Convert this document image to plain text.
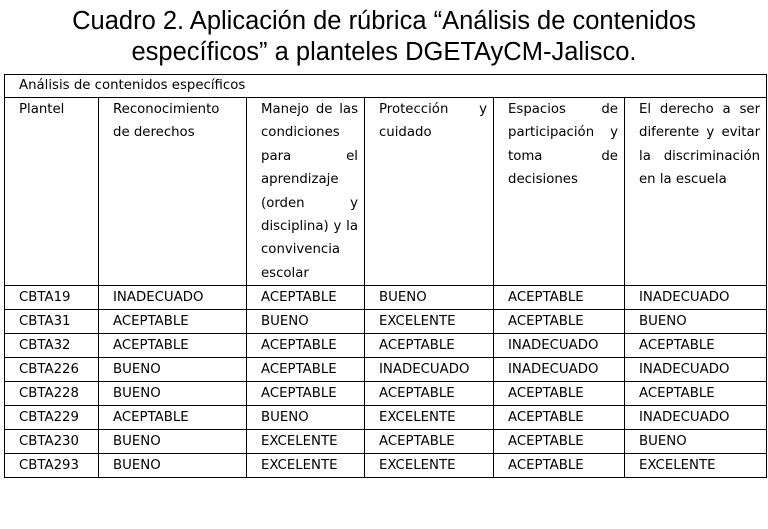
Cuadro 2. Aplicación de rúbrica “Análisis de contenidos
específicos” a planteles DGETAyCM-Jalisco.
Análisis de contenidos específicos					
Plantel	Reconocimiento de derechos	Manejo de las condiciones para el aprendizaje (orden y disciplina) y la convivencia escolar	Protección y cuidado	Espacios de participación y toma de decisiones	El derecho a ser diferente y evitar la discriminación en la escuela
CBTA19	INADECUADO	ACEPTABLE	BUENO	ACEPTABLE	INADECUADO
CBTA31	ACEPTABLE	BUENO	EXCELENTE	ACEPTABLE	BUENO
CBTA32	ACEPTABLE	ACEPTABLE	ACEPTABLE	INADECUADO	ACEPTABLE
CBTA226	BUENO	ACEPTABLE	INADECUADO	INADECUADO	INADECUADO
CBTA228	BUENO	ACEPTABLE	ACEPTABLE	ACEPTABLE	ACEPTABLE
CBTA229	ACEPTABLE	BUENO	EXCELENTE	ACEPTABLE	INADECUADO
CBTA230	BUENO	EXCELENTE	ACEPTABLE	ACEPTABLE	BUENO
CBTA293	BUENO	EXCELENTE	EXCELENTE	ACEPTABLE	EXCELENTE
